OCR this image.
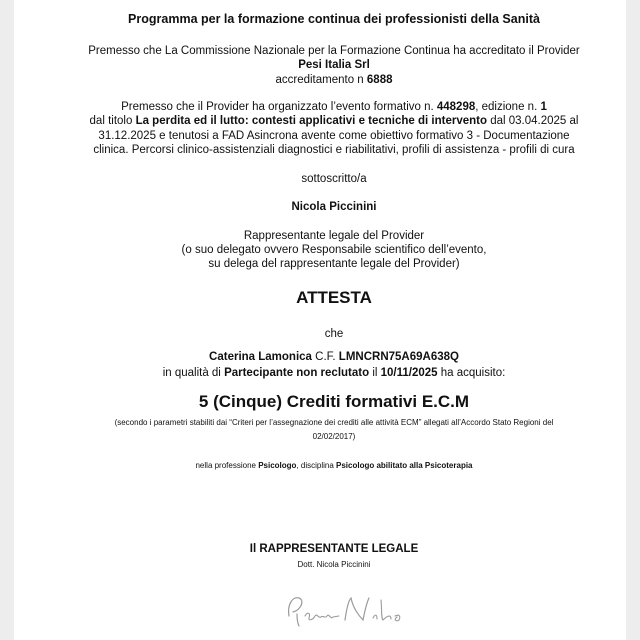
Programma per la formazione continua dei professionisti della Sanità
Premesso che La Commissione Nazionale per la Formazione Continua ha accreditato il Provider
Pesi Italia Srl
accreditamento n 6888
Premesso che il Provider ha organizzato l’evento formativo n. 448298, edizione n. 1
dal titolo La perdita ed il lutto: contesti applicativi e tecniche di intervento dal 03.04.2025 al
31.12.2025 e tenutosi a FAD Asincrona avente come obiettivo formativo 3 - Documentazione
clinica. Percorsi clinico-assistenziali diagnostici e riabilitativi, profili di assistenza - profili di cura
sottoscritto/a
Nicola Piccinini
Rappresentante legale del Provider
(o suo delegato ovvero Responsabile scientifico dell’evento,
su delega del rappresentante legale del Provider)
ATTESTA
che
Caterina Lamonica C.F. LMNCRN75A69A638Q
in qualità di Partecipante non reclutato il 10/11/2025 ha acquisito:
5 (Cinque) Crediti formativi E.C.M
(secondo i parametri stabiliti dai “Criteri per l’assegnazione dei crediti alle attività ECM” allegati all’Accordo Stato Regioni del
02/02/2017)
nella professione Psicologo, disciplina Psicologo abilitato alla Psicoterapia
Il RAPPRESENTANTE LEGALE
Dott. Nicola Piccinini
Piccinini
